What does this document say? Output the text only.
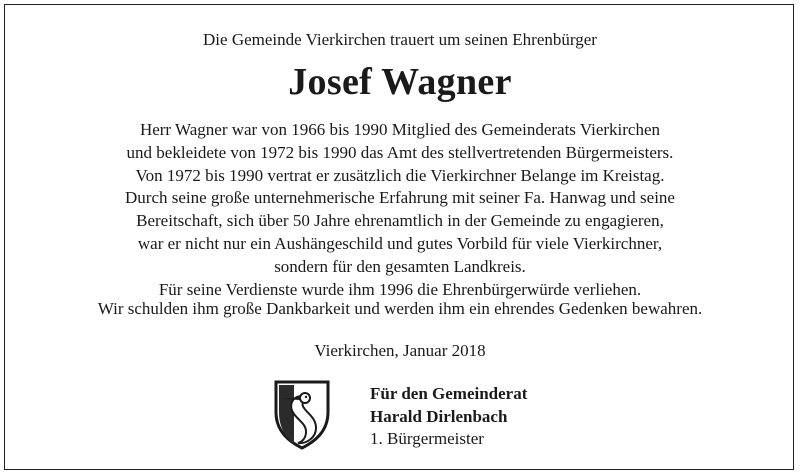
Die Gemeinde Vierkirchen trauert um seinen Ehrenbürger
Josef Wagner
Herr Wagner war von 1966 bis 1990 Mitglied des Gemeinderats Vierkirchen
und bekleidete von 1972 bis 1990 das Amt des stellvertretenden Bürgermeisters.
Von 1972 bis 1990 vertrat er zusätzlich die Vierkirchner Belange im Kreistag.
Durch seine große unternehmerische Erfahrung mit seiner Fa. Hanwag und seine
Bereitschaft, sich über 50 Jahre ehrenamtlich in der Gemeinde zu engagieren,
war er nicht nur ein Aushängeschild und gutes Vorbild für viele Vierkirchner,
sondern für den gesamten Landkreis.
Für seine Verdienste wurde ihm 1996 die Ehrenbürgerwürde verliehen.
Wir schulden ihm große Dankbarkeit und werden ihm ein ehrendes Gedenken bewahren.
Vierkirchen, Januar 2018
Für den Gemeinderat
Harald Dirlenbach
1. Bürgermeister
